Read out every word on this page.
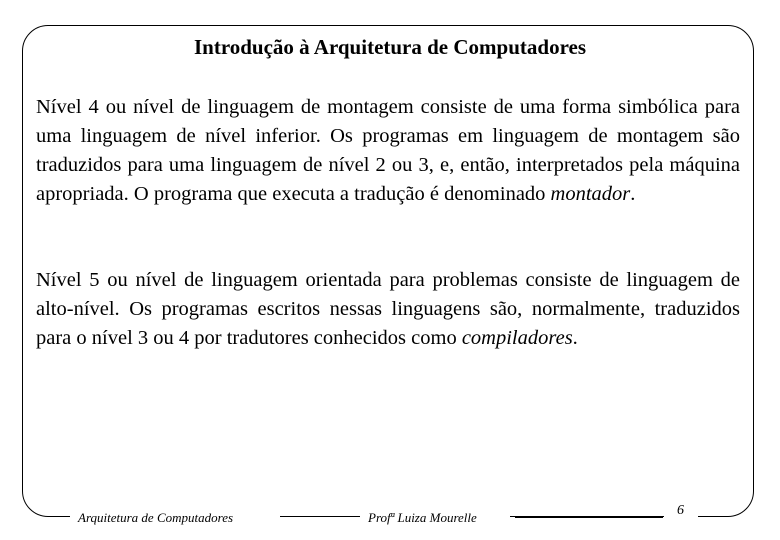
Introdução à Arquitetura de Computadores

Nível 4 ou nível de linguagem de montagem consiste de uma forma simbólica para uma linguagem de nível inferior. Os programas em linguagem de montagem são traduzidos para uma linguagem de nível 2 ou 3, e, então, interpretados pela máquina apropriada. O programa que executa a tradução é denominado montador.

Nível 5 ou nível de linguagem orientada para problemas consiste de linguagem de alto-nível. Os programas escritos nessas linguagens são, normalmente, traduzidos para o nível 3 ou 4 por tradutores conhecidos como compiladores.

Arquitetura de Computadores	Profª Luiza Mourelle	6
